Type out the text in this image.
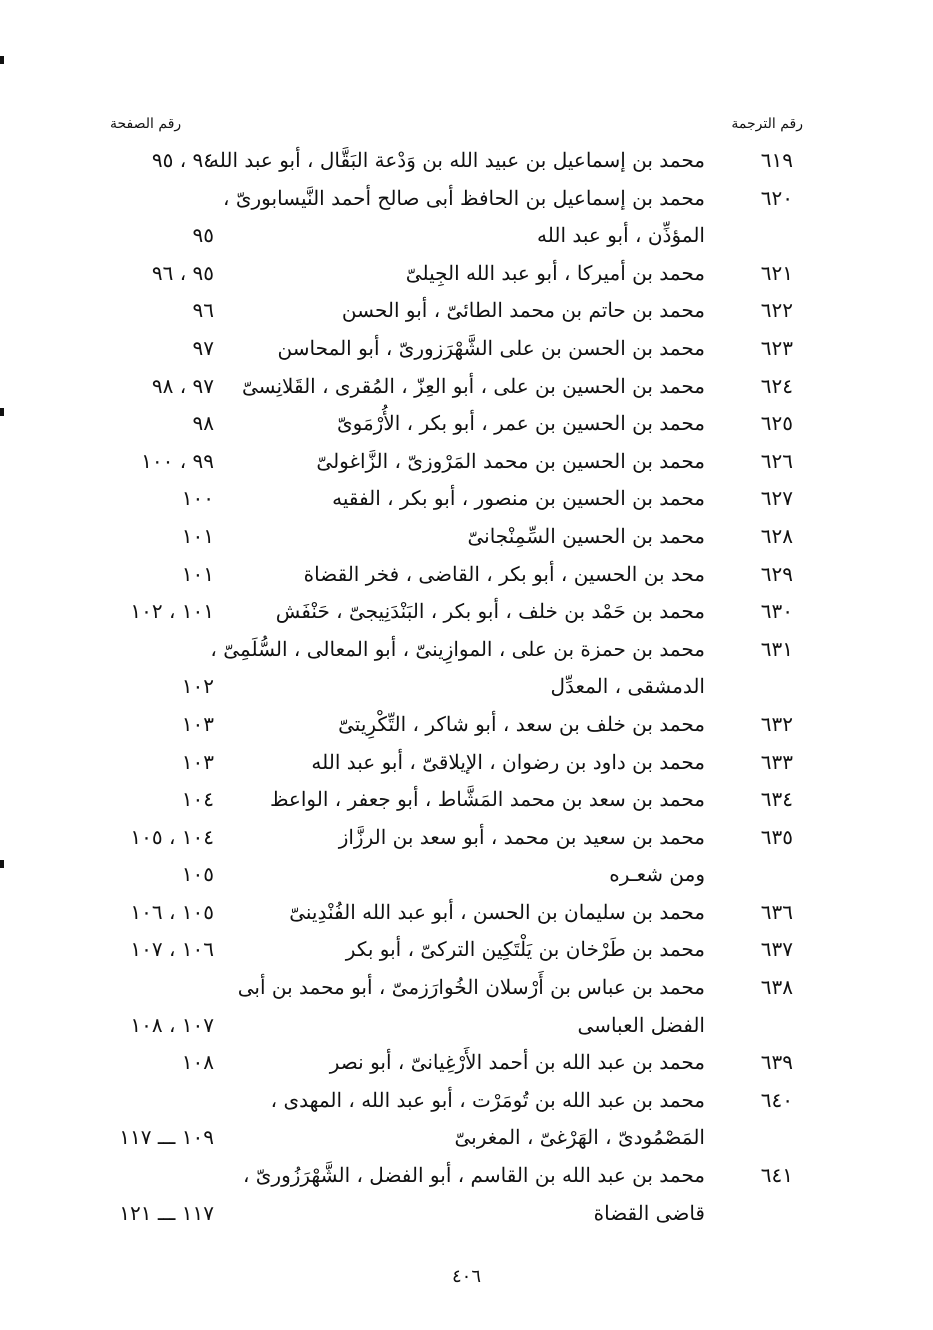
رقم الترجمة
رقم الصفحة
٦١٩
محمد بن إسماعيل بن عبيد الله بن وَدْعة البَقَّال ، أبو عبد الله
٩٤ ، ٩٥
٦٢٠
محمد بن إسماعيل بن الحافظ أبى صالح أحمد النَّيسابورىّ ،
المؤذِّن ، أبو عبد الله
٩٥
٦٢١
محمد بن أميركا ، أبو عبد الله الجِيلىّ
٩٥ ، ٩٦
٦٢٢
محمد بن حاتم بن محمد الطائىّ ، أبو الحسن
٩٦
٦٢٣
محمد بن الحسن بن على الشَّهْرَزورىّ ، أبو المحاسن
٩٧
٦٢٤
محمد بن الحسين بن على ، أبو العِزّ ، المُقرى ، القَلانِسىّ
٩٧ ، ٩٨
٦٢٥
محمد بن الحسين بن عمر ، أبو بكر ، الأُرْمَوىّ
٩٨
٦٢٦
محمد بن الحسين بن محمد المَرْوزىّ ، الزَّاغولىّ
٩٩ ، ١٠٠
٦٢٧
محمد بن الحسين بن منصور ، أبو بكر ، الفقيه
١٠٠
٦٢٨
محمد بن الحسين السِّمِنْجانىّ
١٠١
٦٢٩
محد بن الحسين ، أبو بكر ، القاضى ، فخر القضاة
١٠١
٦٣٠
محمد بن حَمْد بن خلف ، أبو بكر ، البَنْدَنِيجىّ ، حَنْفَش
١٠١ ، ١٠٢
٦٣١
محمد بن حمزة بن على ، الموازِينىّ ، أبو المعالى ، السُّلَمِىّ ،
الدمشقى ، المعدِّل
١٠٢
٦٣٢
محمد بن خلف بن سعد ، أبو شاكر ، التِّكْرِيتىّ
١٠٣
٦٣٣
محمد بن داود بن رضوان ، الإيلاقىّ ، أبو عبد الله
١٠٣
٦٣٤
محمد بن سعد بن محمد المَشَّاط ، أبو جعفر ، الواعظ
١٠٤
٦٣٥
محمد بن سعيد بن محمد ، أبو سعد بن الرزَّاز
١٠٤ ، ١٠٥
ومن شعـره
١٠٥
٦٣٦
محمد بن سليمان بن الحسن ، أبو عبد الله الفُنْدِينىّ
١٠٥ ، ١٠٦
٦٣٧
محمد بن طَرْخان بن يَلْتَكِين التركىّ ، أبو بكر
١٠٦ ، ١٠٧
٦٣٨
محمد بن عباس بن أَرْسلان الخُوارَزمىّ ، أبو محمد بن أبى
الفضل العباسى
١٠٧ ، ١٠٨
٦٣٩
محمد بن عبد الله بن أحمد الأَرْغِيانىّ ، أبو نصر
١٠٨
٦٤٠
محمد بن عبد الله بن تُومَرْت ، أبو عبد الله ، المهدى ،
المَصْمُودىّ ، الهَرْغىّ ، المغربىّ
١٠٩ ـــ ١١٧
٦٤١
محمد بن عبد الله بن القاسم ، أبو الفضل ، الشَّهْرَزُورىّ ،
قاضى القضاة
١١٧ ـــ ١٢١
٤٠٦
